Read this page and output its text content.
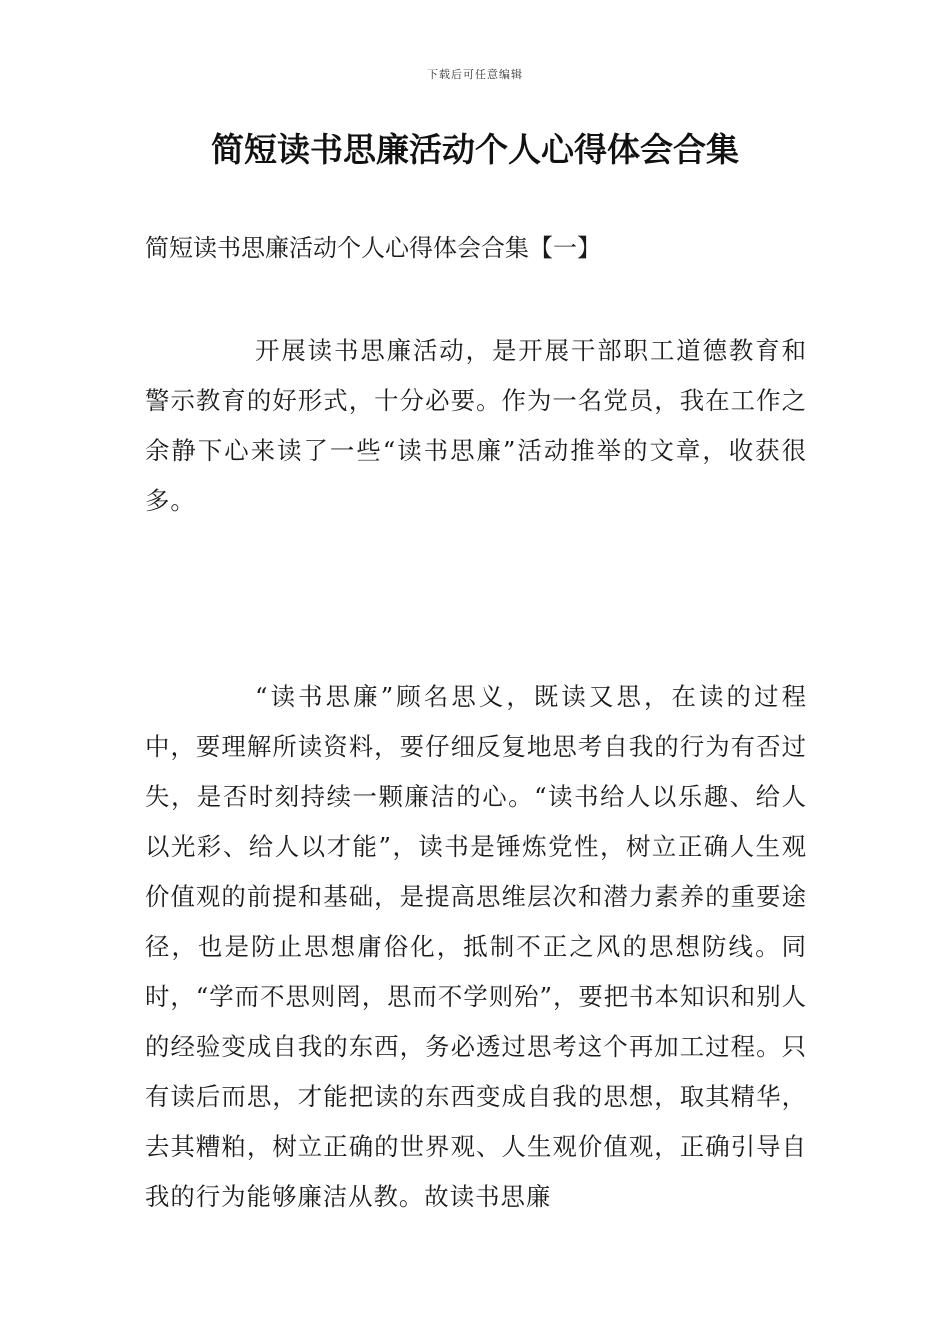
下载后可任意编辑
简短读书思廉活动个人心得体会合集
简短读书思廉活动个人心得体会合集【一】

开展读书思廉活动，是开展干部职工道德教育和警示教育的好形式，十分必要。作为一名党员，我在工作之余静下心来读了一些“读书思廉”活动推举的文章，收获很多。

“读书思廉”顾名思义，既读又思，在读的过程中，要理解所读资料，要仔细反复地思考自我的行为有否过失，是否时刻持续一颗廉洁的心。“读书给人以乐趣、给人以光彩、给人以才能”，读书是锤炼党性，树立正确人生观价值观的前提和基础，是提高思维层次和潜力素养的重要途径，也是防止思想庸俗化，抵制不正之风的思想防线。同时，“学而不思则罔，思而不学则殆”，要把书本知识和别人的经验变成自我的东西，务必透过思考这个再加工过程。只有读后而思，才能把读的东西变成自我的思想，取其精华，去其糟粕，树立正确的世界观、人生观价值观，正确引导自我的行为能够廉洁从教。故读书思廉
